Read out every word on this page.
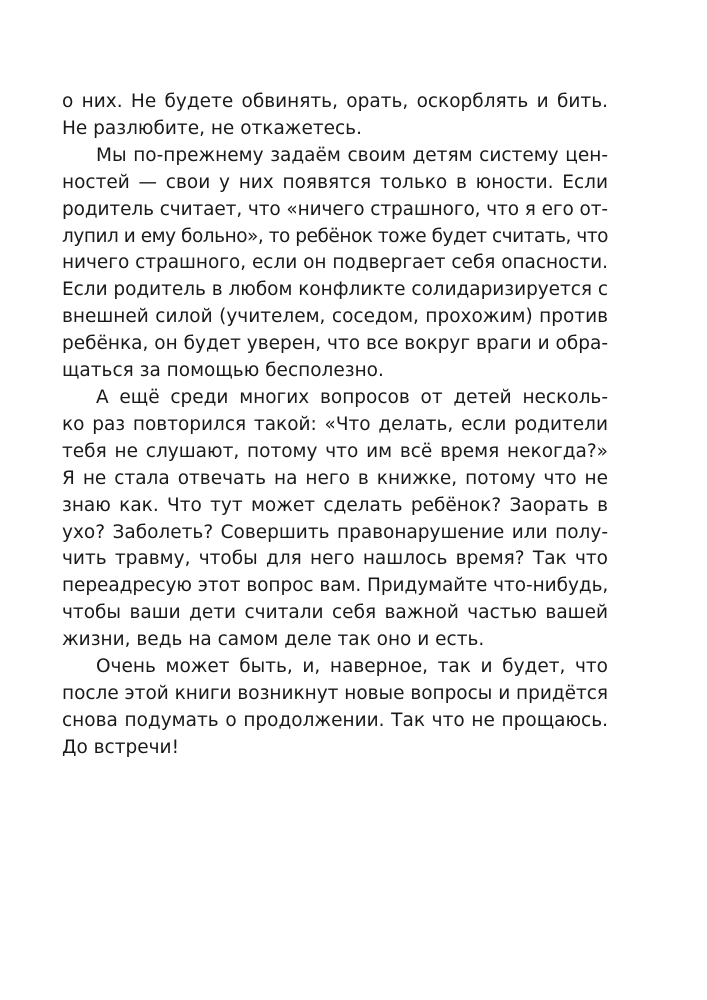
о них. Не будете обвинять, орать, оскорблять и бить.
Не разлюбите, не откажетесь.
Мы по-прежнему задаём своим детям систему цен-
ностей — свои у них появятся только в юности. Если
родитель считает, что «ничего страшного, что я его от-
лупил и ему больно», то ребёнок тоже будет считать, что
ничего страшного, если он подвергает себя опасности.
Если родитель в любом конфликте солидаризируется с
внешней силой (учителем, соседом, прохожим) против
ребёнка, он будет уверен, что все вокруг враги и обра-
щаться за помощью бесполезно.
А ещё среди многих вопросов от детей несколь-
ко раз повторился такой: «Что делать, если родители
тебя не слушают, потому что им всё время некогда?»
Я не стала отвечать на него в книжке, потому что не
знаю как. Что тут может сделать ребёнок? Заорать в
ухо? Заболеть? Совершить правонарушение или полу-
чить травму, чтобы для него нашлось время? Так что
переадресую этот вопрос вам. Придумайте что-нибудь,
чтобы ваши дети считали себя важной частью вашей
жизни, ведь на самом деле так оно и есть.
Очень может быть, и, наверное, так и будет, что
после этой книги возникнут новые вопросы и придётся
снова подумать о продолжении. Так что не прощаюсь.
До встречи!
